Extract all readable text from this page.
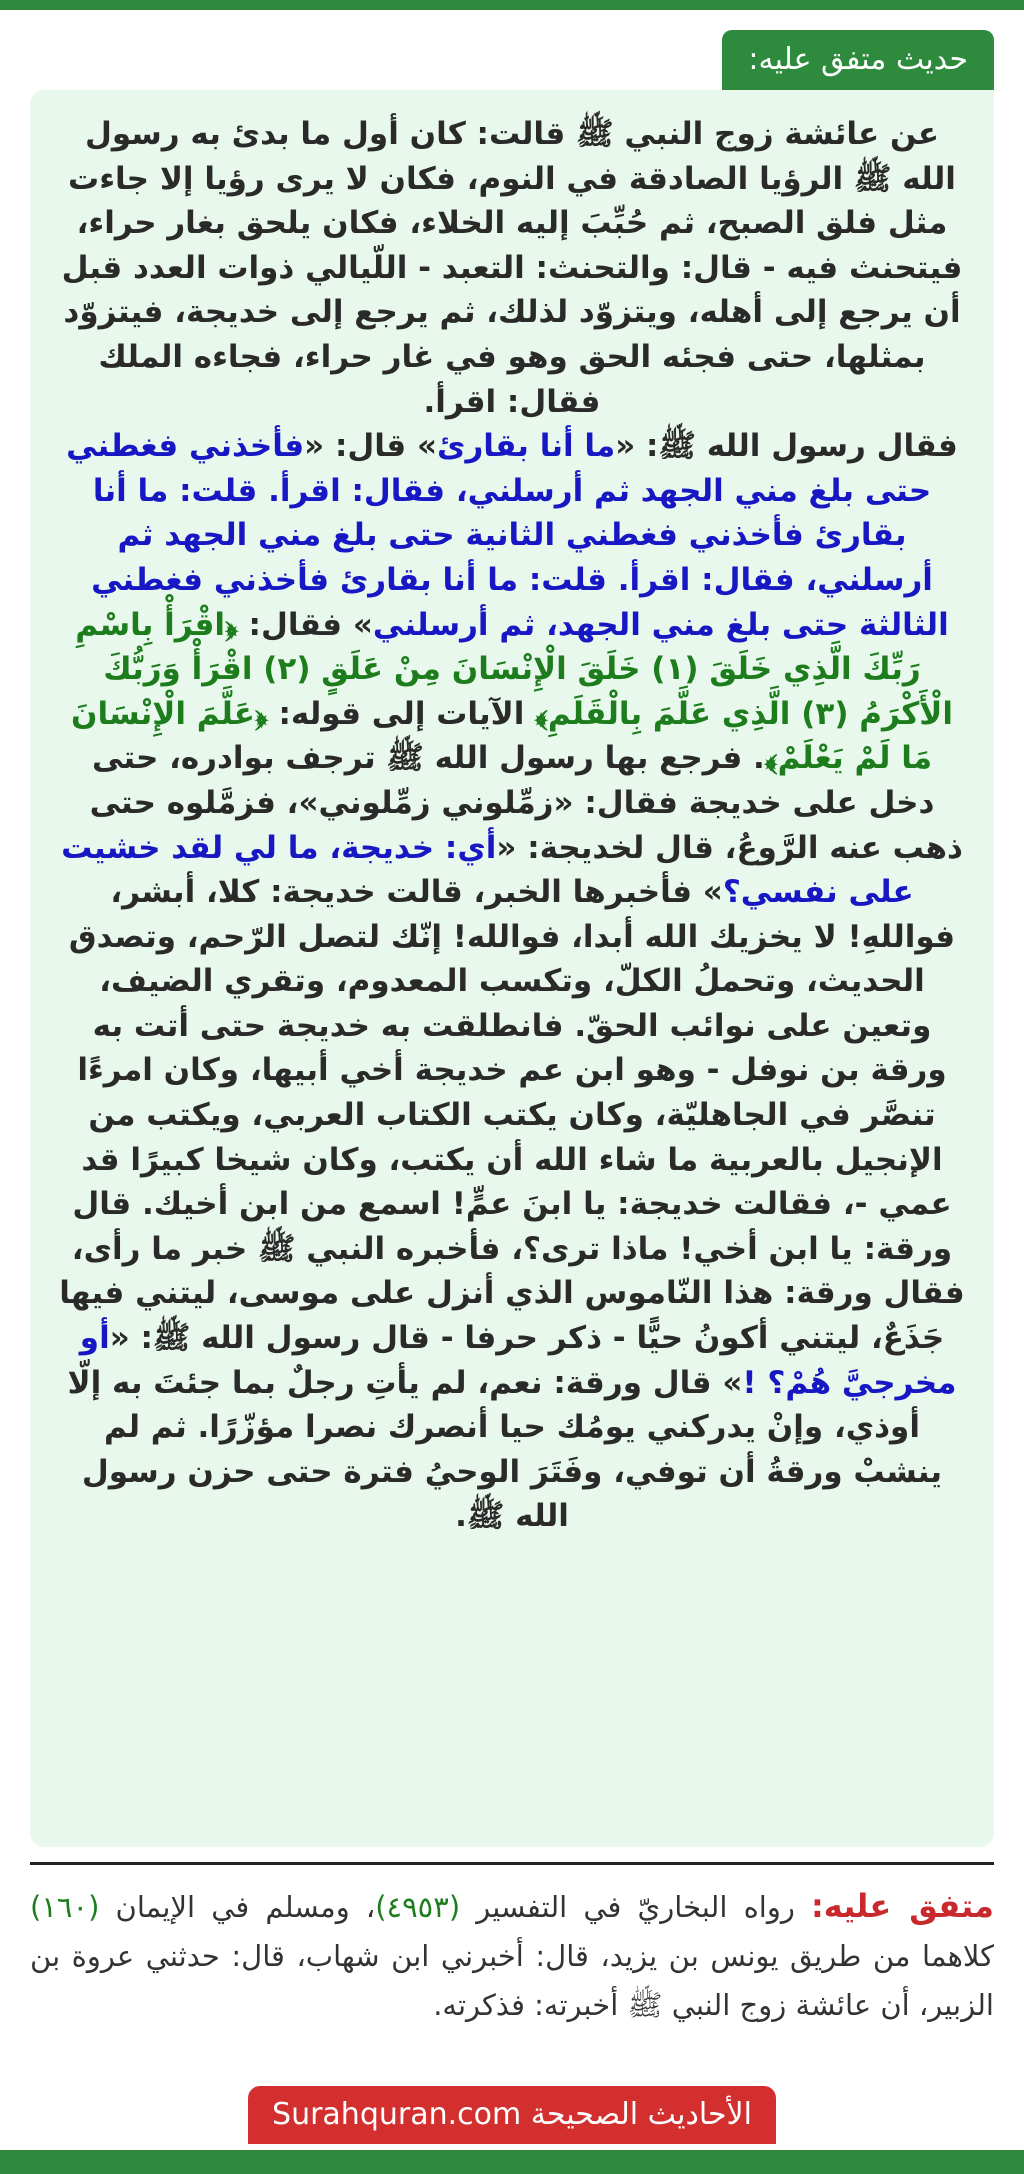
حديث متفق عليه:
عن عائشة زوج النبي ﷺ قالت: كان أول ما بدئ به رسول الله ﷺ الرؤيا الصادقة في النوم، فكان لا يرى رؤيا إلا جاءت مثل فلق الصبح، ثم حُبِّبَ إليه الخلاء، فكان يلحق بغار حراء، فيتحنث فيه - قال: والتحنث: التعبد - اللّيالي ذوات العدد قبل أن يرجع إلى أهله، ويتزوّد لذلك، ثم يرجع إلى خديجة، فيتزوّد بمثلها، حتى فجئه الحق وهو في غار حراء، فجاءه الملك فقال: اقرأ.
فقال رسول الله ﷺ: «ما أنا بقارئ» قال: «فأخذني فغطني حتى بلغ مني الجهد ثم أرسلني، فقال: اقرأ. قلت: ما أنا بقارئ فأخذني فغطني الثانية حتى بلغ مني الجهد ثم أرسلني، فقال: اقرأ. قلت: ما أنا بقارئ فأخذني فغطني الثالثة حتى بلغ مني الجهد، ثم أرسلني» فقال: ﴿اقْرَأْ بِاسْمِ رَبِّكَ الَّذِي خَلَقَ (١) خَلَقَ الْإِنْسَانَ مِنْ عَلَقٍ (٢) اقْرَأْ وَرَبُّكَ الْأَكْرَمُ (٣) الَّذِي عَلَّمَ بِالْقَلَمِ﴾ الآيات إلى قوله: ﴿عَلَّمَ الْإِنْسَانَ مَا لَمْ يَعْلَمْ﴾. فرجع بها رسول الله ﷺ ترجف بوادره، حتى دخل على خديجة فقال: «زمِّلوني زمِّلوني»، فزمَّلوه حتى ذهب عنه الرَّوعُ، قال لخديجة: «أي: خديجة، ما لي لقد خشيت على نفسي؟» فأخبرها الخبر، قالت خديجة: كلا، أبشر، فواللهِ! لا يخزيك الله أبدا، فوالله! إنّك لتصل الرّحم، وتصدق الحديث، وتحملُ الكلّ، وتكسب المعدوم، وتقري الضيف، وتعين على نوائب الحقّ. فانطلقت به خديجة حتى أتت به ورقة بن نوفل - وهو ابن عم خديجة أخي أبيها، وكان امرءًا تنصَّر في الجاهليّة، وكان يكتب الكتاب العربي، ويكتب من الإنجيل بالعربية ما شاء الله أن يكتب، وكان شيخا كبيرًا قد عمي -، فقالت خديجة: يا ابنَ عمٍّ! اسمع من ابن أخيك. قال ورقة: يا ابن أخي! ماذا ترى؟، فأخبره النبي ﷺ خبر ما رأى، فقال ورقة: هذا النّاموس الذي أنزل على موسى، ليتني فيها جَذَعٌ، ليتني أكونُ حيًّا - ذكر حرفا - قال رسول الله ﷺ: «أو مخرجيَّ هُمْ؟ !» قال ورقة: نعم، لم يأتِ رجلٌ بما جئتَ به إلّا أوذي، وإنْ يدركني يومُك حيا أنصرك نصرا مؤزّرًا. ثم لم ينشبْ ورقةُ أن توفي، وفَتَرَ الوحيُ فترة حتى حزن رسول الله ﷺ.
متفق عليه: رواه البخاريّ في التفسير (٤٩٥٣)، ومسلم في الإيمان (١٦٠) كلاهما من طريق يونس بن يزيد، قال: أخبرني ابن شهاب، قال: حدثني عروة بن الزبير، أن عائشة زوج النبي ﷺ أخبرته: فذكرته.
الأحاديث الصحيحة Surahquran.com
